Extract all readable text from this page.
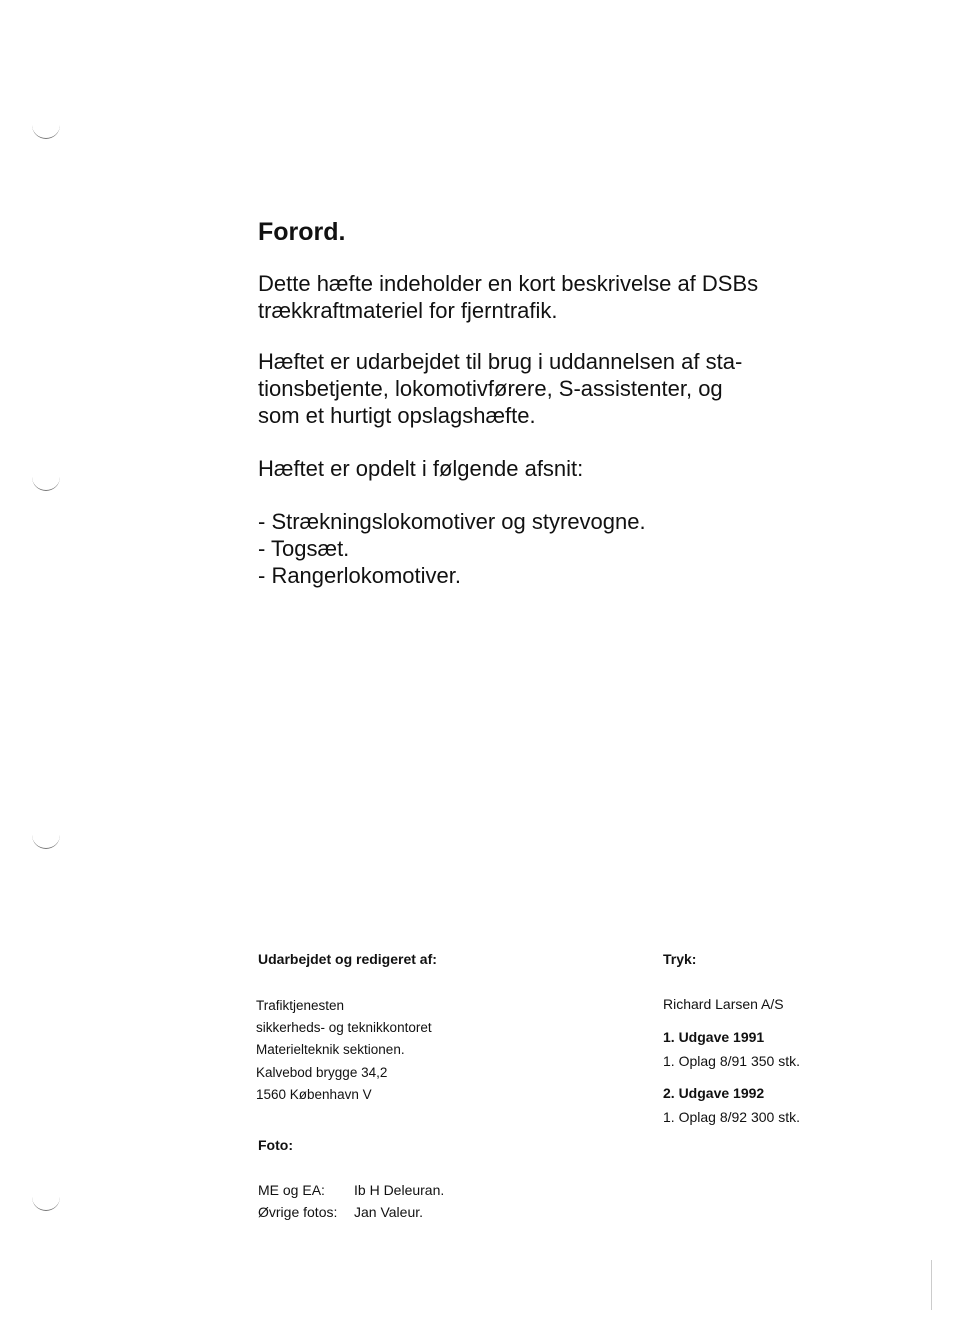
Forord.

Dette hæfte indeholder en kort beskrivelse af DSBs
trækkraftmateriel for fjerntrafik.

Hæftet er udarbejdet til brug i uddannelsen af sta-
tionsbetjente, lokomotivførere, S-assistenter, og
som et hurtigt opslagshæfte.

Hæftet er opdelt i følgende afsnit:

- Strækningslokomotiver og styrevogne.
- Togsæt.
- Rangerlokomotiver.

Udarbejdet og redigeret af:

Trafiktjenesten
sikkerheds- og teknikkontoret
Materielteknik sektionen.
Kalvebod brygge 34,2
1560 København V

Tryk:

Richard Larsen A/S

1. Udgave 1991

1. Oplag 8/91 350 stk.

2. Udgave 1992

1. Oplag 8/92 300 stk.

Foto:

ME og EA:	Ib H Deleuran.
Øvrige fotos:	Jan Valeur.
